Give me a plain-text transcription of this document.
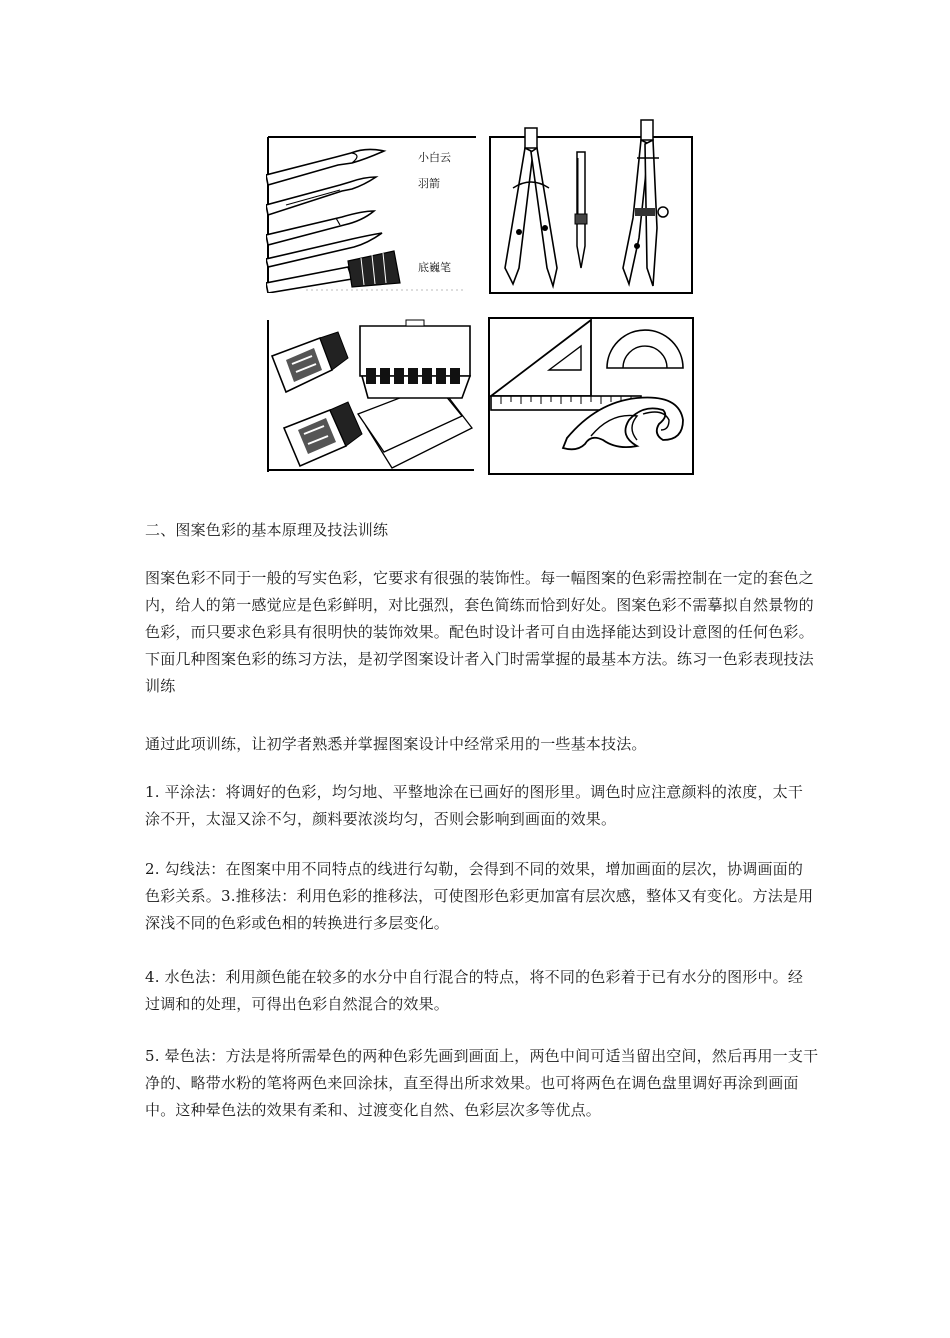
小白云
羽箭
底巍笔

二、图案色彩的基本原理及技法训练

图案色彩不同于一般的写实色彩，它要求有很强的装饰性。每一幅图案的色彩需控制在一定的套色之内，给人的第一感觉应是色彩鲜明，对比强烈，套色简练而恰到好处。图案色彩不需摹拟自然景物的色彩，而只要求色彩具有很明快的装饰效果。配色时设计者可自由选择能达到设计意图的任何色彩。下面几种图案色彩的练习方法，是初学图案设计者入门时需掌握的最基本方法。练习一色彩表现技法训练

通过此项训练，让初学者熟悉并掌握图案设计中经常采用的一些基本技法。

1. 平涂法：将调好的色彩，均匀地、平整地涂在已画好的图形里。调色时应注意颜料的浓度，太干涂不开，太湿又涂不匀，颜料要浓淡均匀，否则会影响到画面的效果。

2. 勾线法：在图案中用不同特点的线进行勾勒，会得到不同的效果，增加画面的层次，协调画面的色彩关系。3.推移法：利用色彩的推移法，可使图形色彩更加富有层次感，整体又有变化。方法是用深浅不同的色彩或色相的转换进行多层变化。

4. 水色法：利用颜色能在较多的水分中自行混合的特点，将不同的色彩着于已有水分的图形中。经过调和的处理，可得出色彩自然混合的效果。

5. 晕色法：方法是将所需晕色的两种色彩先画到画面上，两色中间可适当留出空间，然后再用一支干净的、略带水粉的笔将两色来回涂抹，直至得出所求效果。也可将两色在调色盘里调好再涂到画面中。这种晕色法的效果有柔和、过渡变化自然、色彩层次多等优点。
